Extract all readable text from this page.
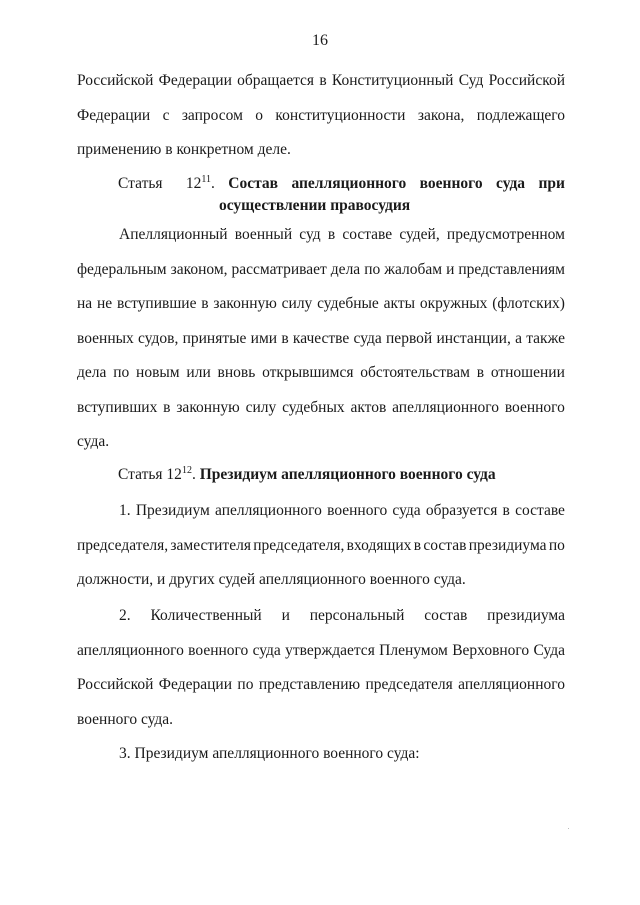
16
Российской Федерации обращается в Конституционный Суд Российской
Федерации с запросом о конституционности закона, подлежащего
применению в конкретном деле.
Статья $12^{11}$. Состав апелляционного военного суда при
осуществлении правосудия
Апелляционный военный суд в составе судей, предусмотренном
федеральным законом, рассматривает дела по жалобам и представлениям
на не вступившие в законную силу судебные акты окружных (флотских)
военных судов, принятые ими в качестве суда первой инстанции, а также
дела по новым или вновь открывшимся обстоятельствам в отношении
вступивших в законную силу судебных актов апелляционного военного
суда.
Статья $12^{12}$. Президиум апелляционного военного суда
1. Президиум апелляционного военного суда образуется в составе
председателя, заместителя председателя, входящих в состав президиума по
должности, и других судей апелляционного военного суда.
2. Количественный и персональный состав президиума
апелляционного военного суда утверждается Пленумом Верховного Суда
Российской Федерации по представлению председателя апелляционного
военного суда.
3. Президиум апелляционного военного суда:
